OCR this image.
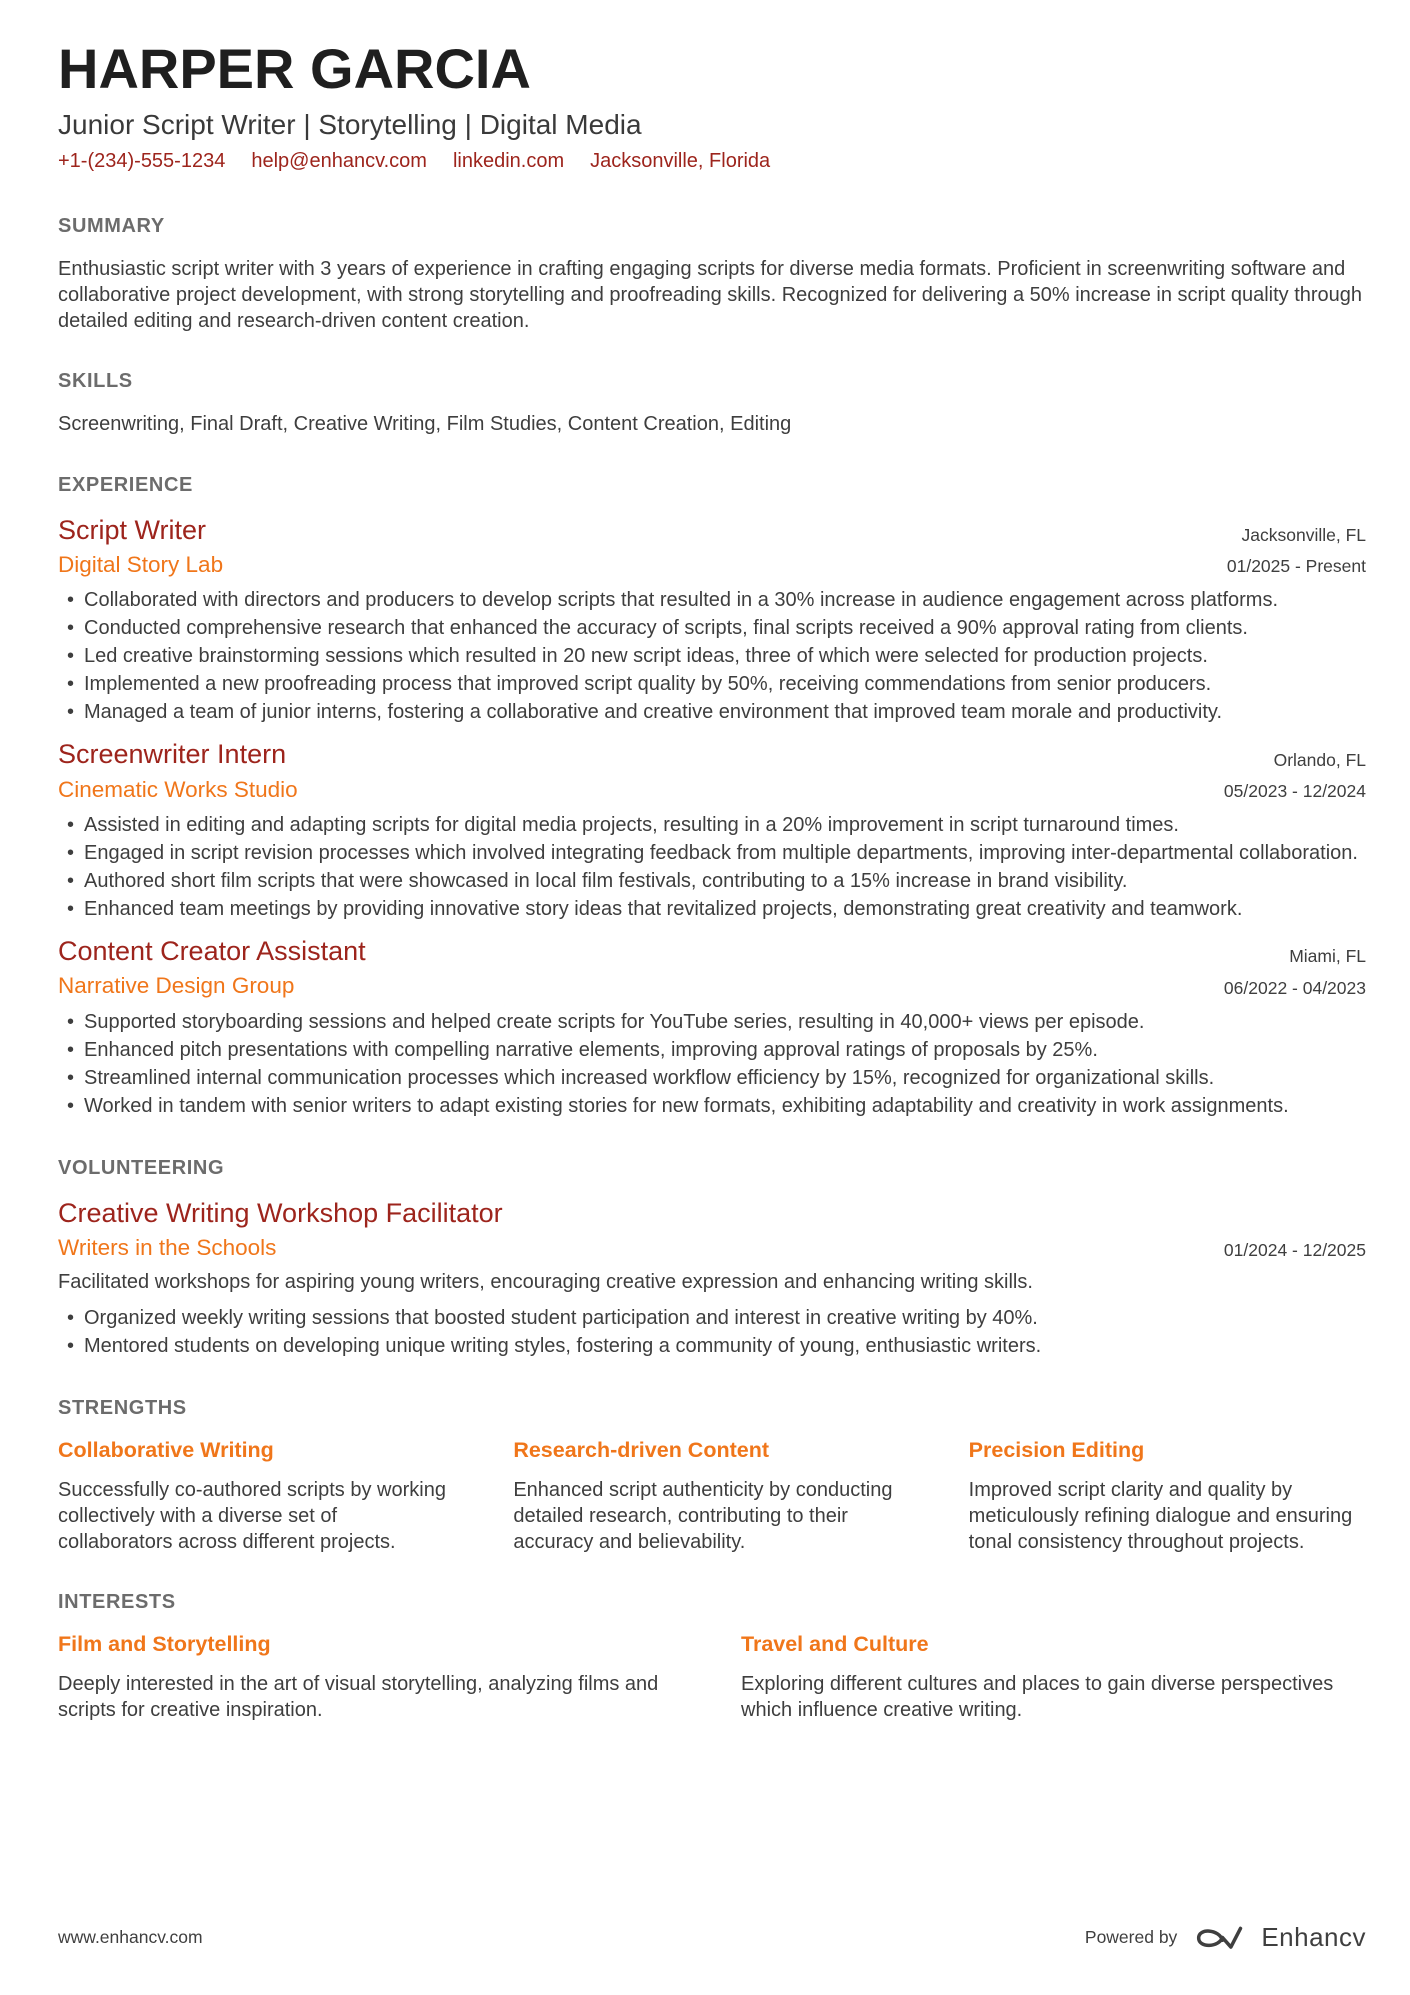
HARPER GARCIA
Junior Script Writer | Storytelling | Digital Media
+1-(234)-555-1234 help@enhancv.com linkedin.com Jacksonville, Florida
SUMMARY

Enthusiastic script writer with 3 years of experience in crafting engaging scripts for diverse media formats. Proficient in screenwriting software and collaborative project development, with strong storytelling and proofreading skills. Recognized for delivering a 50% increase in script quality through detailed editing and research-driven content creation.

SKILLS

Screenwriting, Final Draft, Creative Writing, Film Studies, Content Creation, Editing

EXPERIENCE
Script Writer	Jacksonville, FL
Digital Story Lab	01/2025 - Present
• Collaborated with directors and producers to develop scripts that resulted in a 30% increase in audience engagement across platforms.
• Conducted comprehensive research that enhanced the accuracy of scripts, final scripts received a 90% approval rating from clients.
• Led creative brainstorming sessions which resulted in 20 new script ideas, three of which were selected for production projects.
• Implemented a new proofreading process that improved script quality by 50%, receiving commendations from senior producers.
• Managed a team of junior interns, fostering a collaborative and creative environment that improved team morale and productivity.
Screenwriter Intern	Orlando, FL
Cinematic Works Studio	05/2023 - 12/2024
• Assisted in editing and adapting scripts for digital media projects, resulting in a 20% improvement in script turnaround times.
• Engaged in script revision processes which involved integrating feedback from multiple departments, improving inter-departmental collaboration.
• Authored short film scripts that were showcased in local film festivals, contributing to a 15% increase in brand visibility.
• Enhanced team meetings by providing innovative story ideas that revitalized projects, demonstrating great creativity and teamwork.
Content Creator Assistant	Miami, FL
Narrative Design Group	06/2022 - 04/2023
• Supported storyboarding sessions and helped create scripts for YouTube series, resulting in 40,000+ views per episode.
• Enhanced pitch presentations with compelling narrative elements, improving approval ratings of proposals by 25%.
• Streamlined internal communication processes which increased workflow efficiency by 15%, recognized for organizational skills.
• Worked in tandem with senior writers to adapt existing stories for new formats, exhibiting adaptability and creativity in work assignments.
VOLUNTEERING
Creative Writing Workshop Facilitator
Writers in the Schools	01/2024 - 12/2025

Facilitated workshops for aspiring young writers, encouraging creative expression and enhancing writing skills.

• Organized weekly writing sessions that boosted student participation and interest in creative writing by 40%.
• Mentored students on developing unique writing styles, fostering a community of young, enthusiastic writers.
STRENGTHS
Collaborative Writing

Successfully co-authored scripts by working collectively with a diverse set of collaborators across different projects.

Research-driven Content

Enhanced script authenticity by conducting detailed research, contributing to their accuracy and believability.

Precision Editing

Improved script clarity and quality by meticulously refining dialogue and ensuring tonal consistency throughout projects.

INTERESTS
Film and Storytelling

Deeply interested in the art of visual storytelling, analyzing films and scripts for creative inspiration.

Travel and Culture

Exploring different cultures and places to gain diverse perspectives which influence creative writing.

www.enhancv.com	Powered by	Enhancv
